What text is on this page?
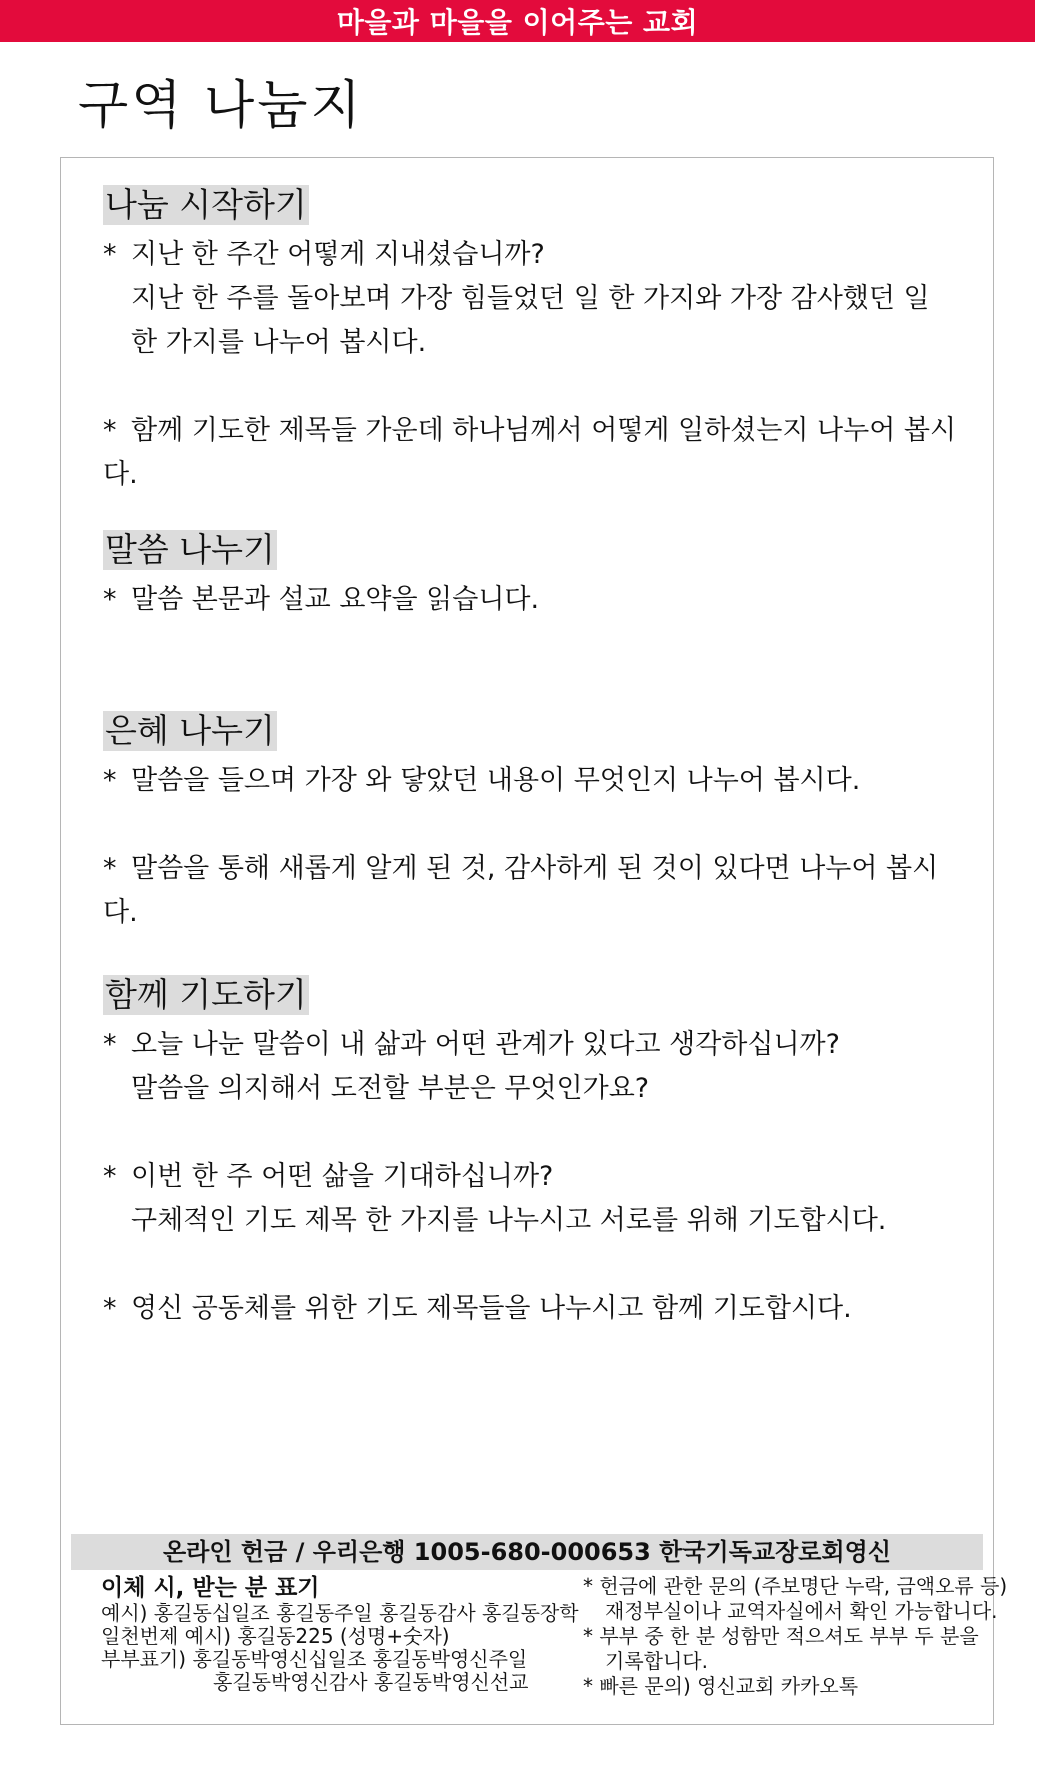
마을과 마을을 이어주는 교회
구역 나눔지
나눔 시작하기

* 지난 한 주간 어떻게 지내셨습니까?
지난 한 주를 돌아보며 가장 힘들었던 일 한 가지와 가장 감사했던 일
한 가지를 나누어 봅시다.

* 함께 기도한 제목들 가운데 하나님께서 어떻게 일하셨는지 나누어 봅시다.

말씀 나누기

* 말씀 본문과 설교 요약을 읽습니다.

은혜 나누기

* 말씀을 들으며 가장 와 닿았던 내용이 무엇인지 나누어 봅시다.

* 말씀을 통해 새롭게 알게 된 것, 감사하게 된 것이 있다면 나누어 봅시다.

함께 기도하기

* 오늘 나눈 말씀이 내 삶과 어떤 관계가 있다고 생각하십니까?
말씀을 의지해서 도전할 부분은 무엇인가요?

* 이번 한 주 어떤 삶을 기대하십니까?
구체적인 기도 제목 한 가지를 나누시고 서로를 위해 기도합시다.

* 영신 공동체를 위한 기도 제목들을 나누시고 함께 기도합시다.

온라인 헌금 / 우리은행 1005-680-000653 한국기독교장로회영신
이체 시, 받는 분 표기
예시) 홍길동십일조 홍길동주일 홍길동감사 홍길동장학
일천번제 예시) 홍길동225 (성명+숫자)
부부표기) 홍길동박영신십일조 홍길동박영신주일
홍길동박영신감사 홍길동박영신선교
* 헌금에 관한 문의 (주보명단 누락, 금액오류 등)
재정부실이나 교역자실에서 확인 가능합니다.
* 부부 중 한 분 성함만 적으셔도 부부 두 분을
기록합니다.
* 빠른 문의) 영신교회 카카오톡
